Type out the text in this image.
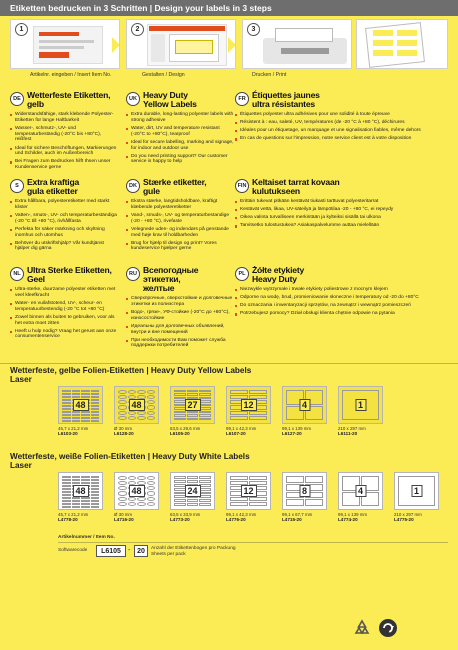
Etiketten bedrucken in 3 Schritten | Design your labels in 3 steps
1
Artikelnr. eingeben / Insert Item No.
2
Gestalten / Design
3
Drucken / Print
DE Wetterfeste Etiketten,
gelb
Widerstandsfähige, stark klebende Polyester-Etiketten für lange Haltbarkeit
Wasser-, schmutz-, UV- und temperaturbeständig (-20°C bis +80°C), reißfest
Ideal für sichere Beschriftungen, Markierungen und Schilder, auch im Außenbereich
Bei Fragen zum Bedrucken hilft Ihnen unser Kundenservice gerne
UK Heavy Duty
Yellow Labels
Extra durable, long-lasting polyester labels with strong adhesive
Water, dirt, UV and temperature resistant (-20°C to +80°C), tearproof
Ideal for secure labelling, marking and signage, for indoor and outdoor use
Do you need printing support? Our customer service is happy to help
FR Étiquettes jaunes
ultra résistantes
Étiquettes polyester ultra adhésives pour une solidité à toute épreuve
Résistent à : eau, saleté, UV, températures (de -20 °C à +80 °C), déchirures
Idéales pour un étiquetage, un marquage et une signalisation fiables, même dehors
En cas de questions sur l'impression, notre service client est à votre disposition
S Extra kraftiga
gula etiketter
Extra hållbara, polyesteretiketter med starkt klister
Vatten-, smuts-, UV- och temperaturbeständiga (-20 °C till +80 °C), rivhållfasta
Perfekta för säker märkning och skyltning inomhus och utomhus
Behöver du utskriftshjälp? Vår kundtjänst hjälper dig gärna
DK Stærke etiketter,
gule
Ekstra stærke, langtidsholdbare, kraftigt klæbende polyesteretiketter
Vand-, smuds-, UV- og temperaturbestandige (-20 - +80 °C), rivefaste
Velegnede uden- og indendørs på genstande med høje krav til holdbarheden
Brug for hjælp til design og print? Vores kundeservice hjælper gerne
FIN Keltaiset tarrat kovaan
kulutukseen
Erittäin tukevat pitkään kestävät tiukasti tarttuvat polyesteritarrat
Kestävät vettä, likaa, UV-säteilyä ja lämpötilaa -20 - +80 °C, ei repeydy
Oikea valinta turvalliseen merkintään ja kylteiksi sisällä tai ulkona
Tarvitsetko tulostustukea? Asiakaspalvelumme auttaa mielellään
NL Ultra Sterke Etiketten,
Geel
Ultra-sterke, duurzame polyester etiketten met veel kleefkracht
Water- en vuilafstotend, UV-, scheur- en temperatuurbestendig (-20 °C tot +80 °C)
Zowel binnen als buiten te gebruiken, voor als het extra moet zitten
Heeft u hulp nodig? Vraag het gerust aan onze consumentenservice
RU Всепогодные этикетки,
желтые
Сверхпрочные, сверхстойкие и долговечные этикетки из полиэстера
Водо-, грязе-, УФ-стойкие (-20°C до +80°C), износостойкие
Идеальны для долговечных объявлений, внутри и вне помещений
При необходимости Вам поможет служба поддержки потребителей
PL Żółte etykiety
Heavy Duty
Niezwykle wytrzymałe i trwałe etykiety poliestrowe z mocnym klejem
Odporne na wodę, brud, promieniowanie słoneczne i temperatury od -20 do +80°C
Do oznaczania i inwentaryzacji sprzętów, na zewnątrz i wewnątrz pomieszczeń
Potrzebujesz pomocy? Dział obsługi klienta chętnie odpowie na pytania
Wetterfeste, gelbe Folien-Etiketten | Heavy Duty Yellow Labels
Laser
48
45,7 x 21,2 mm
L6103-20
48
Ø 30 mm
L6128-20
27
63,5 x 29,6 mm
L6105-20
12
99,1 x 42,3 mm
L6107-20
4
99,1 x 139 mm
L6127-20
1
210 x 297 mm
L6111-20
Wetterfeste, weiße Folien-Etiketten | Heavy Duty White Labels
Laser
48
45,7 x 21,2 mm
L4778-20
48
Ø 30 mm
L4716-20
24
63,5 x 33,9 mm
L4773-20
12
99,1 x 42,3 mm
L4776-20
8
99,1 x 67,7 mm
L4715-20
4
99,1 x 139 mm
L4774-20
1
210 x 297 mm
L4775-20
Artikelnummer / Item No.
Softwarecode	L6105	- 20	Anzahl der Etikettenbogen pro Packung
Sheets per pack
